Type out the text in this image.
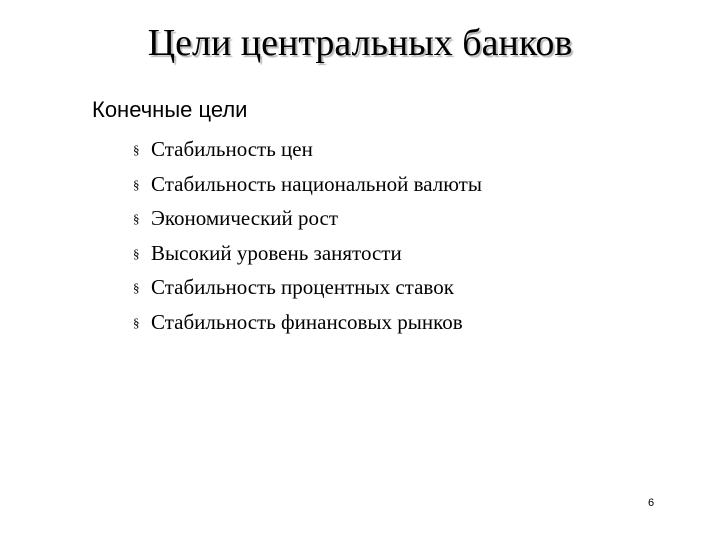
Цели центральных банков
Конечные цели
§ Стабильность цен
§ Стабильность национальной валюты
§ Экономический рост
§ Высокий уровень занятости
§ Стабильность процентных ставок
§ Стабильность финансовых рынков
6
